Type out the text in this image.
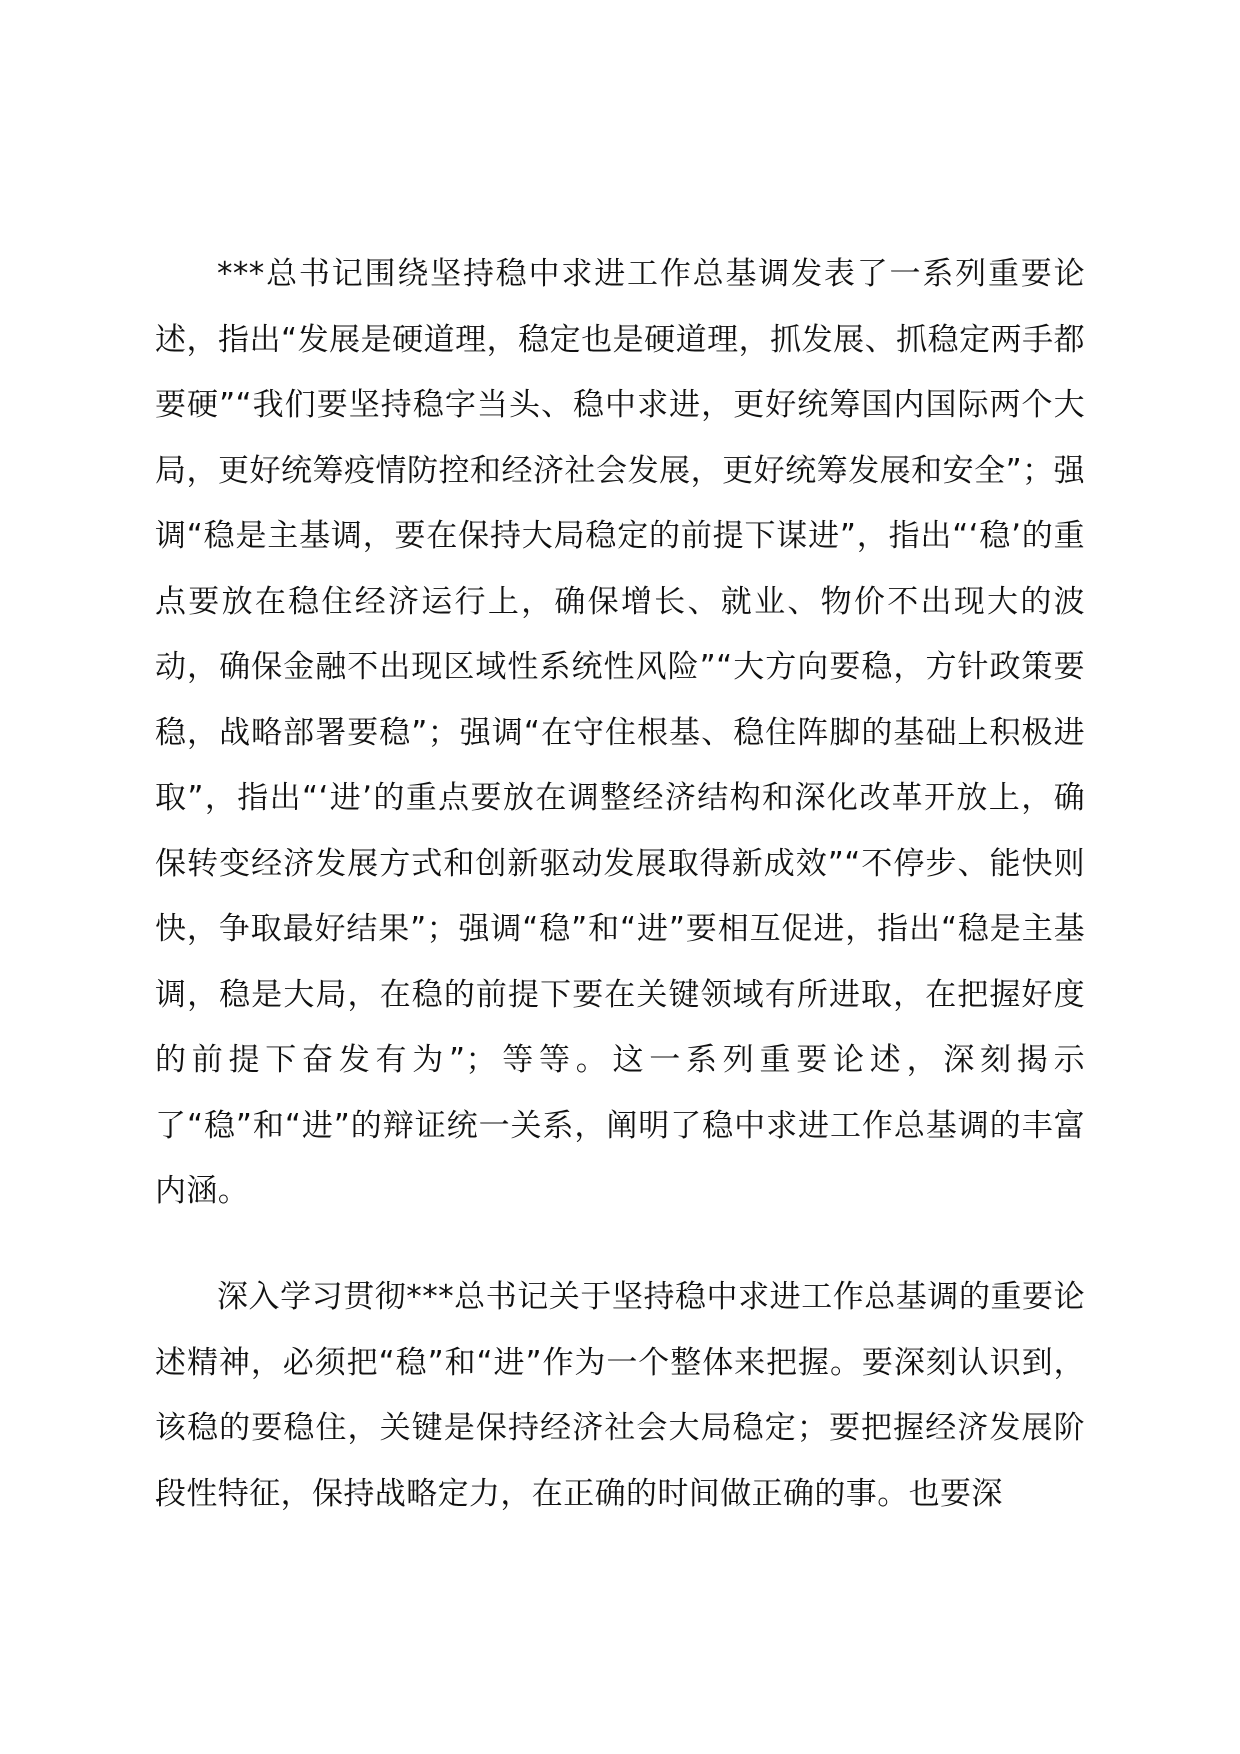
***总书记围绕坚持稳中求进工作总基调发表了一系列重要论述，指出“发展是硬道理，稳定也是硬道理，抓发展、抓稳定两手都要硬”“我们要坚持稳字当头、稳中求进，更好统筹国内国际两个大局，更好统筹疫情防控和经济社会发展，更好统筹发展和安全”；强调“稳是主基调，要在保持大局稳定的前提下谋进”，指出“‘稳’的重点要放在稳住经济运行上，确保增长、就业、物价不出现大的波动，确保金融不出现区域性系统性风险”“大方向要稳，方针政策要稳，战略部署要稳”；强调“在守住根基、稳住阵脚的基础上积极进取”，指出“‘进’的重点要放在调整经济结构和深化改革开放上，确保转变经济发展方式和创新驱动发展取得新成效”“不停步、能快则快，争取最好结果”；强调“稳”和“进”要相互促进，指出“稳是主基调，稳是大局，在稳的前提下要在关键领域有所进取，在把握好度的前提下奋发有为”；等等。这一系列重要论述，深刻揭示了“稳”和“进”的辩证统一关系，阐明了稳中求进工作总基调的丰富内涵。

深入学习贯彻***总书记关于坚持稳中求进工作总基调的重要论述精神，必须把“稳”和“进”作为一个整体来把握。要深刻认识到，该稳的要稳住，关键是保持经济社会大局稳定；要把握经济发展阶段性特征，保持战略定力，在正确的时间做正确的事。也要深
